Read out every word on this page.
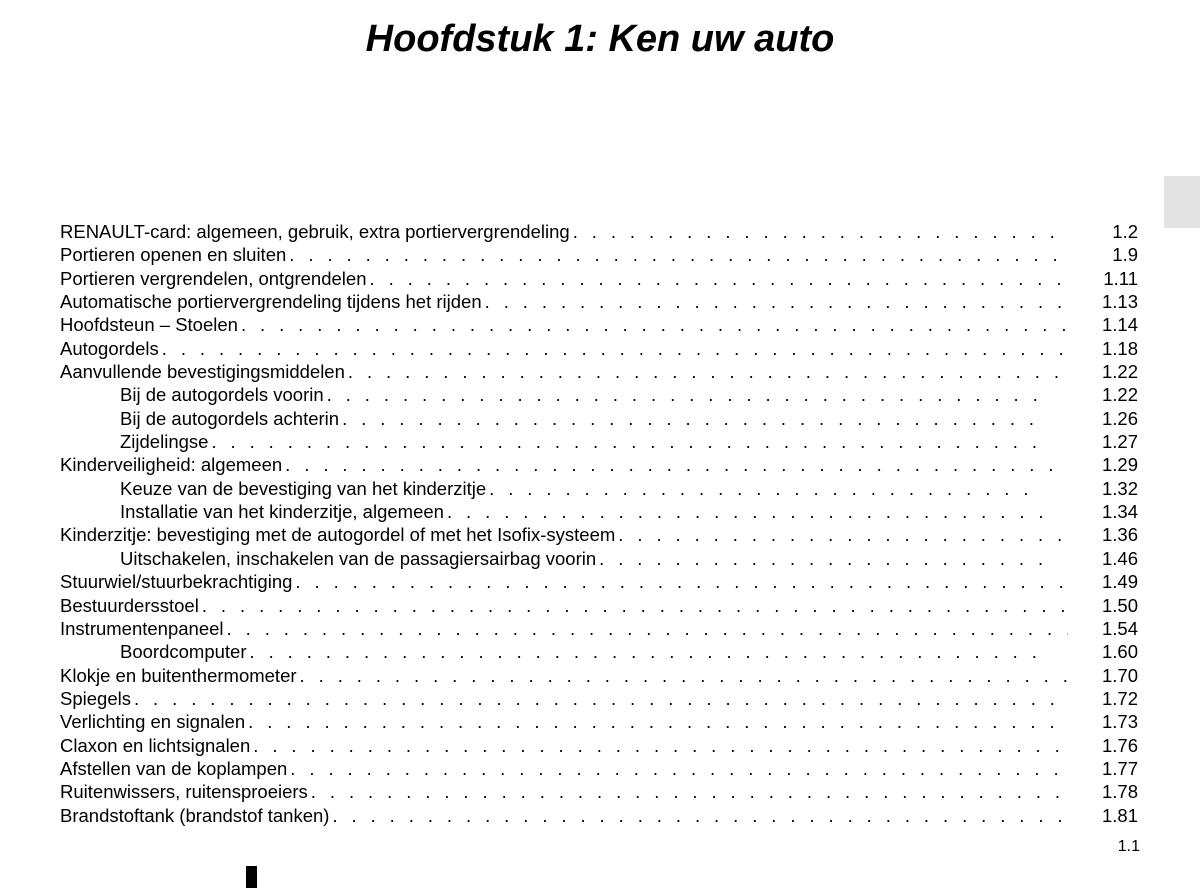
Hoofdstuk 1: Ken uw auto
RENAULT-card: algemeen, gebruik, extra portiervergrendeling . . .	1.2
Portieren openen en sluiten . . .	1.9
Portieren vergrendelen, ontgrendelen . . .	1.11
Automatische portiervergrendeling tijdens het rijden . . .	1.13
Hoofdsteun – Stoelen . . .	1.14
Autogordels . . .	1.18
Aanvullende bevestigingsmiddelen . . .	1.22
Bij de autogordels voorin . . .	1.22
Bij de autogordels achterin . . .	1.26
Zijdelingse . . .	1.27
Kinderveiligheid: algemeen . . .	1.29
Keuze van de bevestiging van het kinderzitje . . .	1.32
Installatie van het kinderzitje, algemeen . . .	1.34
Kinderzitje: bevestiging met de autogordel of met het Isofix-systeem . . .	1.36
Uitschakelen, inschakelen van de passagiersairbag voorin . . .	1.46
Stuurwiel/stuurbekrachtiging . . .	1.49
Bestuurdersstoel . . .	1.50
Instrumentenpaneel . . .	1.54
Boordcomputer . . .	1.60
Klokje en buitenthermometer . . .	1.70
Spiegels . . .	1.72
Verlichting en signalen . . .	1.73
Claxon en lichtsignalen . . .	1.76
Afstellen van de koplampen . . .	1.77
Ruitenwissers, ruitensproeiers . . .	1.78
Brandstoftank (brandstof tanken) . . .	1.81
1.1
